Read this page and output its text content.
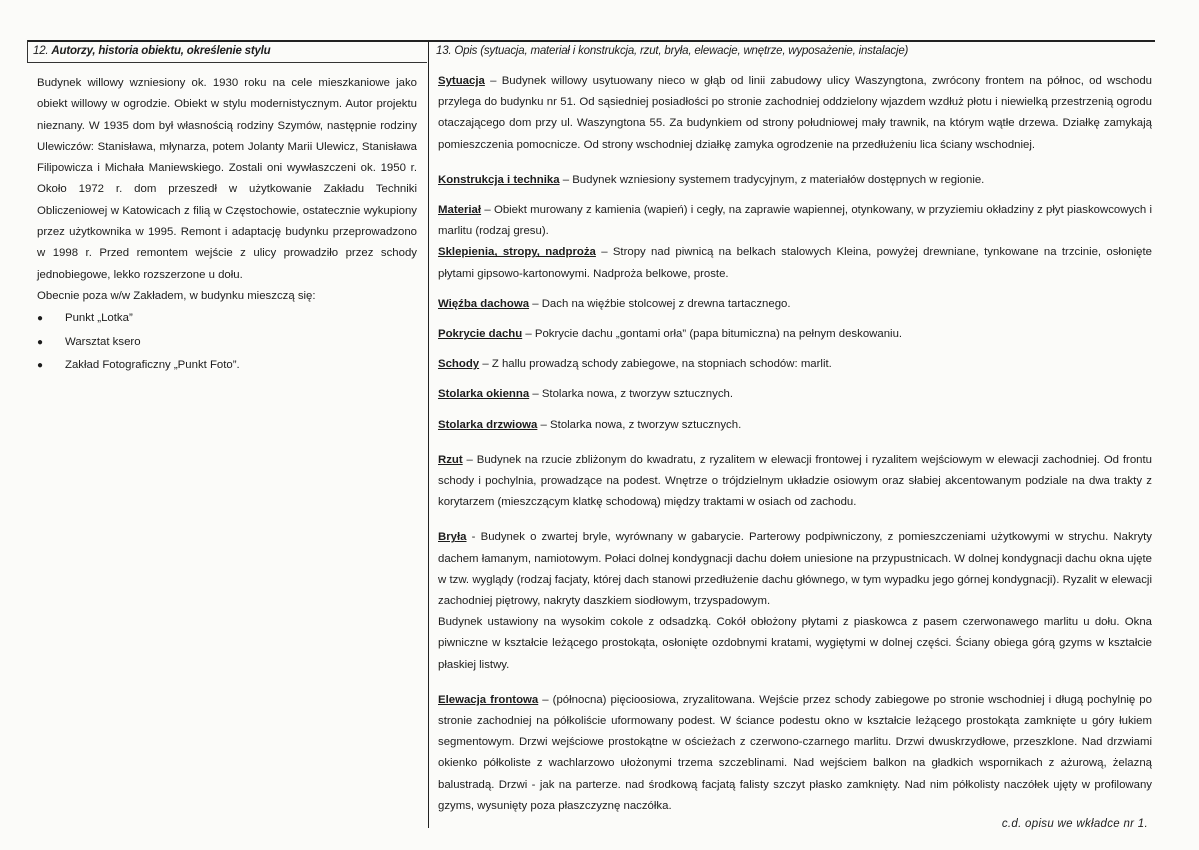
12. Autorzy, historia obiektu, określenie stylu	13. Opis (sytuacja, materiał i konstrukcja, rzut, bryła, elewacje, wnętrze, wyposażenie, instalacje)

Budynek willowy wzniesiony ok. 1930 roku na cele mieszkaniowe jako obiekt willowy w ogrodzie. Obiekt w stylu modernistycznym. Autor projektu nieznany. W 1935 dom był własnością rodziny Szymów, następnie rodziny Ulewiczów: Stanisława, młynarza, potem Jolanty Marii Ulewicz, Stanisława Filipowicza i Michała Maniewskiego. Zostali oni wywłaszczeni ok. 1950 r. Około 1972 r. dom przeszedł w użytkowanie Zakładu Techniki Obliczeniowej w Katowicach z filią w Częstochowie, ostatecznie wykupiony przez użytkownika w 1995. Remont i adaptację budynku przeprowadzono w 1998 r. Przed remontem wejście z ulicy prowadziło przez schody jednobiegowe, lekko rozszerzone u dołu.

Obecnie poza w/w Zakładem, w budynku mieszczą się:

● Punkt „Lotka”
● Warsztat ksero
● Zakład Fotograficzny „Punkt Foto”.

Sytuacja – Budynek willowy usytuowany nieco w głąb od linii zabudowy ulicy Waszyngtona, zwrócony frontem na północ, od wschodu przylega do budynku nr 51. Od sąsiedniej posiadłości po stronie zachodniej oddzielony wjazdem wzdłuż płotu i niewielką przestrzenią ogrodu otaczającego dom przy ul. Waszyngtona 55. Za budynkiem od strony południowej mały trawnik, na którym wątłe drzewa. Działkę zamykają pomieszczenia pomocnicze. Od strony wschodniej działkę zamyka ogrodzenie na przedłużeniu lica ściany wschodniej.

Konstrukcja i technika – Budynek wzniesiony systemem tradycyjnym, z materiałów dostępnych w regionie.

Materiał – Obiekt murowany z kamienia (wapień) i cegły, na zaprawie wapiennej, otynkowany, w przyziemiu okładziny z płyt piaskowcowych i marlitu (rodzaj gresu).

Sklepienia, stropy, nadproża – Stropy nad piwnicą na belkach stalowych Kleina, powyżej drewniane, tynkowane na trzcinie, osłonięte płytami gipsowo-kartonowymi. Nadproża belkowe, proste.

Więźba dachowa – Dach na więźbie stolcowej z drewna tartacznego.

Pokrycie dachu – Pokrycie dachu „gontami orła” (papa bitumiczna) na pełnym deskowaniu.

Schody – Z hallu prowadzą schody zabiegowe, na stopniach schodów: marlit.

Stolarka okienna – Stolarka nowa, z tworzyw sztucznych.

Stolarka drzwiowa – Stolarka nowa, z tworzyw sztucznych.

Rzut – Budynek na rzucie zbliżonym do kwadratu, z ryzalitem w elewacji frontowej i ryzalitem wejściowym w elewacji zachodniej. Od frontu schody i pochylnia, prowadzące na podest. Wnętrze o trójdzielnym układzie osiowym oraz słabiej akcentowanym podziale na dwa trakty z korytarzem (mieszczącym klatkę schodową) między traktami w osiach od zachodu.

Bryła - Budynek o zwartej bryle, wyrównany w gabarycie. Parterowy podpiwniczony, z pomieszczeniami użytkowymi w strychu. Nakryty dachem łamanym, namiotowym. Połaci dolnej kondygnacji dachu dołem uniesione na przypustnicach. W dolnej kondygnacji dachu okna ujęte w tzw. wyglądy (rodzaj facjaty, której dach stanowi przedłużenie dachu głównego, w tym wypadku jego górnej kondygnacji). Ryzalit w elewacji zachodniej piętrowy, nakryty daszkiem siodłowym, trzyspadowym.

Budynek ustawiony na wysokim cokole z odsadzką. Cokół obłożony płytami z piaskowca z pasem czerwonawego marlitu u dołu. Okna piwniczne w kształcie leżącego prostokąta, osłonięte ozdobnymi kratami, wygiętymi w dolnej części. Ściany obiega górą gzyms w kształcie płaskiej listwy.

Elewacja frontowa – (północna) pięcioosiowa, zryzalitowana. Wejście przez schody zabiegowe po stronie wschodniej i długą pochylnię po stronie zachodniej na półkoliście uformowany podest. W ściance podestu okno w kształcie leżącego prostokąta zamknięte u góry łukiem segmentowym. Drzwi wejściowe prostokątne w ościeżach z czerwono-czarnego marlitu. Drzwi dwuskrzydłowe, przeszklone. Nad drzwiami okienko półkoliste z wachlarzowo ułożonymi trzema szczeblinami. Nad wejściem balkon na gładkich wspornikach z ażurową, żelazną balustradą. Drzwi - jak na parterze. nad środkową facjatą falisty szczyt płasko zamknięty. Nad nim półkolisty naczółek ujęty w profilowany gzyms, wysunięty poza płaszczyznę naczółka.

c.d. opisu we wkładce nr 1.
